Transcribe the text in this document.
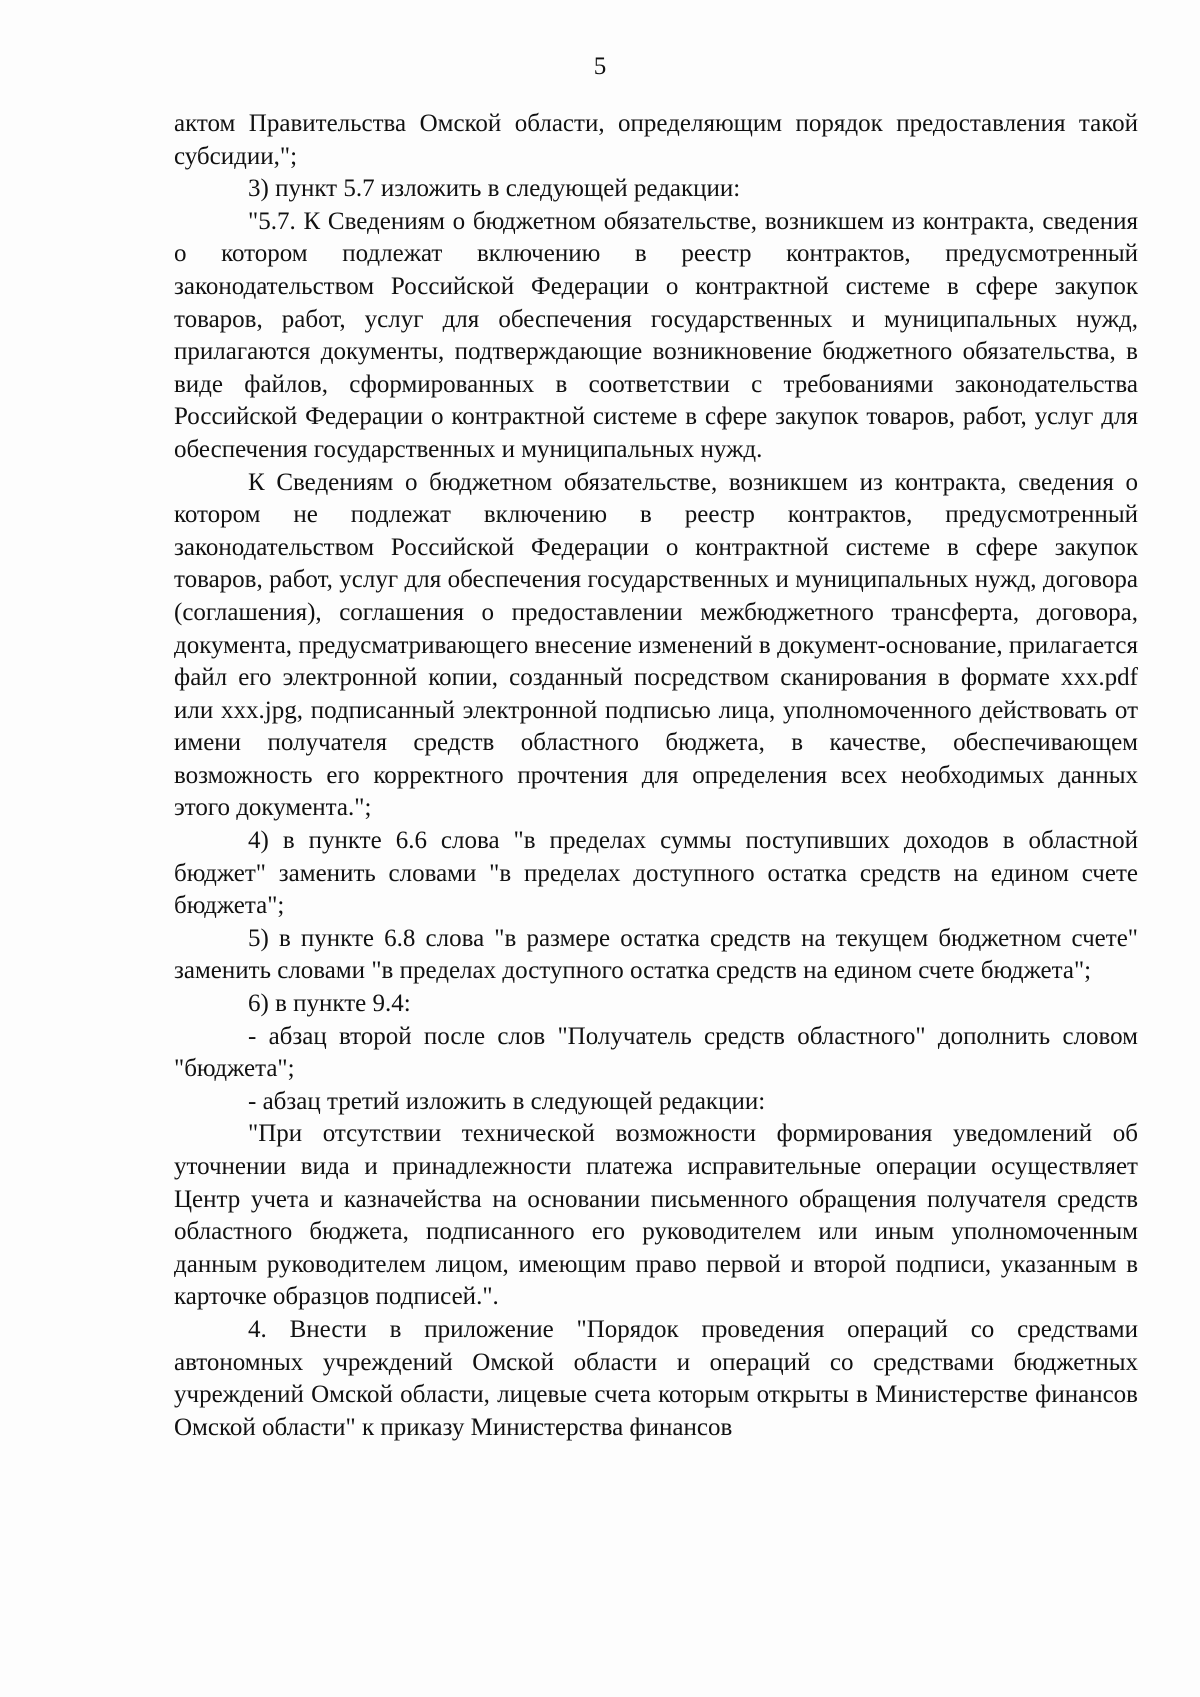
5

актом Правительства Омской области, определяющим порядок предоставления такой субсидии,";

3) пункт 5.7 изложить в следующей редакции:

"5.7. К Сведениям о бюджетном обязательстве, возникшем из контракта, сведения о котором подлежат включению в реестр контрактов, предусмотренный законодательством Российской Федерации о контрактной системе в сфере закупок товаров, работ, услуг для обеспечения государственных и муниципальных нужд, прилагаются документы, подтверждающие возникновение бюджетного обязательства, в виде файлов, сформированных в соответствии с требованиями законодательства Российской Федерации о контрактной системе в сфере закупок товаров, работ, услуг для обеспечения государственных и муниципальных нужд.

К Сведениям о бюджетном обязательстве, возникшем из контракта, сведения о котором не подлежат включению в реестр контрактов, предусмотренный законодательством Российской Федерации о контрактной системе в сфере закупок товаров, работ, услуг для обеспечения государственных и муниципальных нужд, договора (соглашения), соглашения о предоставлении межбюджетного трансферта, договора, документа, предусматривающего внесение изменений в документ-основание, прилагается файл его электронной копии, созданный посредством сканирования в формате xxx.pdf или xxx.jpg, подписанный электронной подписью лица, уполномоченного действовать от имени получателя средств областного бюджета, в качестве, обеспечивающем возможность его корректного прочтения для определения всех необходимых данных этого документа.";

4) в пункте 6.6 слова "в пределах суммы поступивших доходов в областной бюджет" заменить словами "в пределах доступного остатка средств на едином счете бюджета";

5) в пункте 6.8 слова "в размере остатка средств на текущем бюджетном счете" заменить словами "в пределах доступного остатка средств на едином счете бюджета";

6) в пункте 9.4:

- абзац второй после слов "Получатель средств областного" дополнить словом "бюджета";

- абзац третий изложить в следующей редакции:

"При отсутствии технической возможности формирования уведомлений об уточнении вида и принадлежности платежа исправительные операции осуществляет Центр учета и казначейства на основании письменного обращения получателя средств областного бюджета, подписанного его руководителем или иным уполномоченным данным руководителем лицом, имеющим право первой и второй подписи, указанным в карточке образцов подписей.".

4. Внести в приложение "Порядок проведения операций со средствами автономных учреждений Омской области и операций со средствами бюджетных учреждений Омской области, лицевые счета которым открыты в Министерстве финансов Омской области" к приказу Министерства финансов
